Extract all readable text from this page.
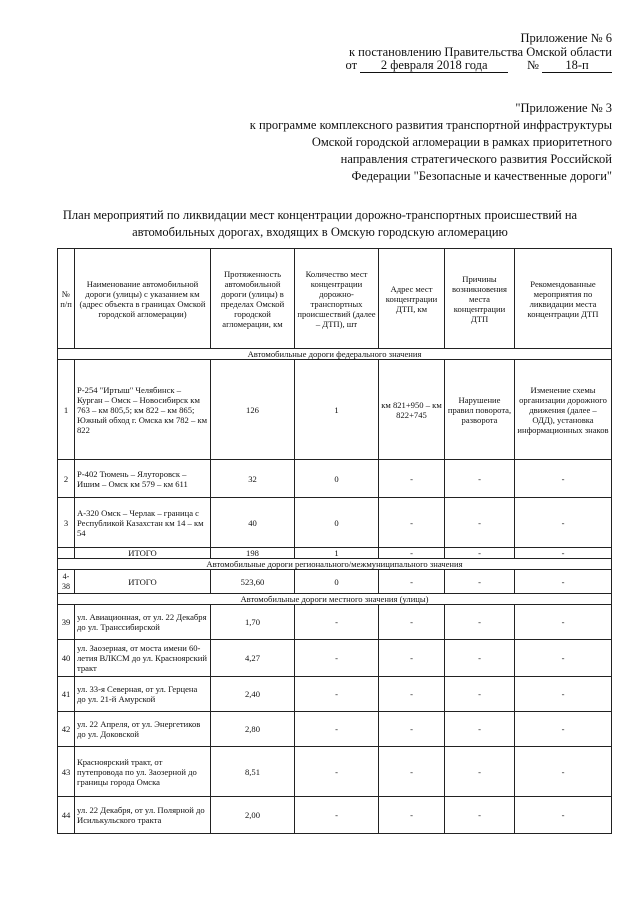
Приложение № 6
к постановлению Правительства Омской области
от 2 февраля 2018 года	№ 18-п
"Приложение № 3
к программе комплексного развития транспортной инфраструктуры
Омской городской агломерации в рамках приоритетного
направления стратегического развития Российской
Федерации "Безопасные и качественные дороги"
План мероприятий по ликвидации мест концентрации дорожно-транспортных происшествий на
автомобильных дорогах, входящих в Омскую городскую агломерацию
№ п/п	Наименование автомобильной дороги (улицы) с указанием км (адрес объекта в границах Омской городской агломерации)	Протяженность автомобильной дороги (улицы) в пределах Омской городской агломерации, км	Количество мест концентрации дорожно-транспортных происшествий (далее – ДТП), шт	Адрес мест концентрации ДТП, км	Причины возникновения места концентрации ДТП	Рекомендованные мероприятия по ликвидации места концентрации ДТП
Автомобильные дороги федерального значения						
1	Р-254 "Иртыш" Челябинск – Курган – Омск – Новосибирск км 763 – км 805,5; км 822 – км 865; Южный обход г. Омска км 782 – км 822	126	1	км 821+950 – км 822+745	Нарушение правил поворота, разворота	Изменение схемы организации дорожного движения (далее – ОДД), установка информационных знаков
2	Р-402 Тюмень – Ялуторовск – Ишим – Омск км 579 – км 611	32	0	-	-	-
3	А-320 Омск – Черлак – граница с Республикой Казахстан км 14 – км 54	40	0	-	-	-
	ИТОГО	198	1	-	-	-
Автомобильные дороги регионального/межмуниципального значения						
4-38	ИТОГО	523,60	0	-	-	-
Автомобильные дороги местного значения (улицы)						
39	ул. Авиационная, от ул. 22 Декабря до ул. Транссибирской	1,70	-	-	-	-
40	ул. Заозерная, от моста имени 60-летия ВЛКСМ до ул. Красноярский тракт	4,27	-	-	-	-
41	ул. 33-я Северная, от ул. Герцена до ул. 21-й Амурской	2,40	-	-	-	-
42	ул. 22 Апреля, от ул. Энергетиков до ул. Доковской	2,80	-	-	-	-
43	Красноярский тракт, от путепровода по ул. Заозерной до границы города Омска	8,51	-	-	-	-
44	ул. 22 Декабря, от ул. Полярной до Исилькульского тракта	2,00	-	-	-	-
